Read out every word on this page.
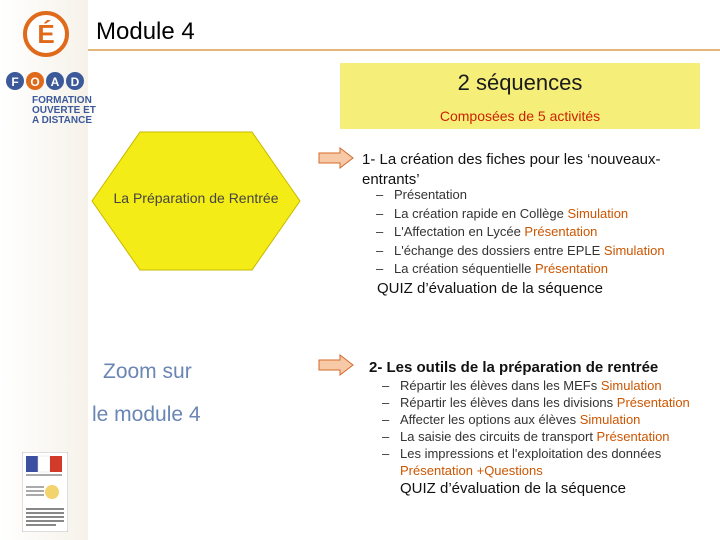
É
F O A D
FORMATION
OUVERTE ET
A DISTANCE
Module 4
2 séquences
Composées de 5 activités
La Préparation de Rentrée
1- La création des fiches pour les ‘nouveaux-entrants’
– Présentation
– La création rapide en Collège Simulation
– L'Affectation en Lycée Présentation
– L'échange des dossiers entre EPLE Simulation
– La création séquentielle Présentation
QUIZ d’évaluation de la séquence
2- Les outils de la préparation de rentrée
– Répartir les élèves dans les MEFs Simulation
– Répartir les élèves dans les divisions Présentation
– Affecter les options aux élèves Simulation
– La saisie des circuits de transport Présentation
– Les impressions et l'exploitation des données
Présentation +Questions
QUIZ d’évaluation de la séquence
Zoom sur
le module 4
